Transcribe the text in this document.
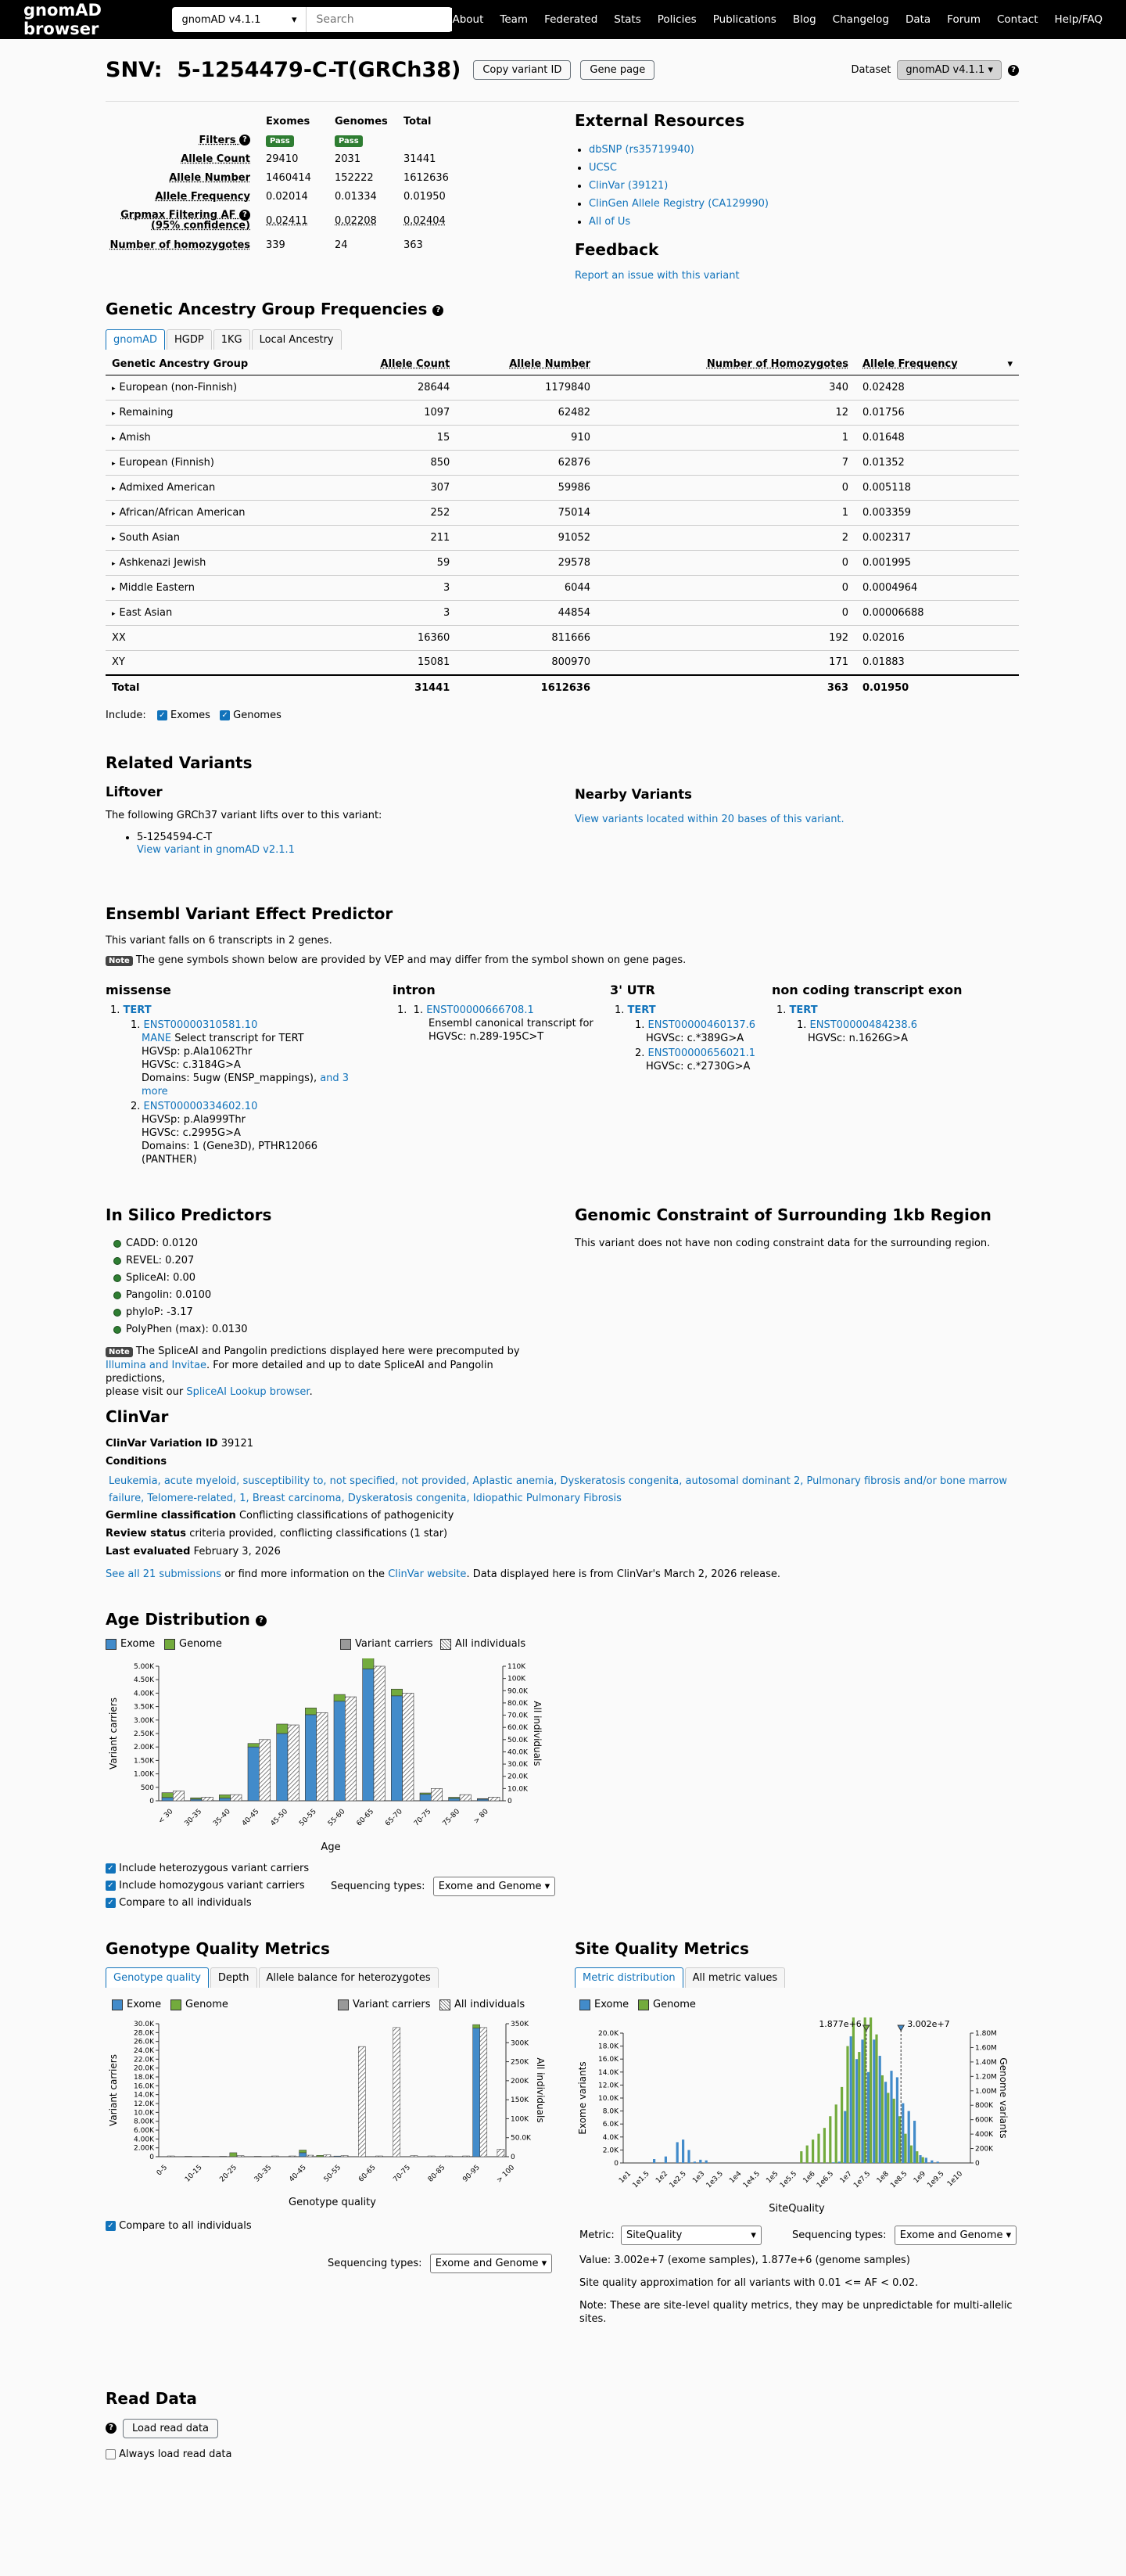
gnomAD browser	gnomAD v4.1.1	▾
Search	About Team Federated Stats Policies Publications Blog Changelog Data Forum Contact Help/FAQ
SNV:  5-1254479-C-T(GRCh38)	Copy variant ID	Gene page	Dataset	gnomAD v4.1.1 ▾	?
	Exomes	Genomes	Total
Filters ?	Pass	Pass	
Allele Count	29410	2031	31441
Allele Number	1460414	152222	1612636
Allele Frequency	0.02014	0.01334	0.01950
Grpmax Filtering AF ?
(95% confidence)	0.02411	0.02208	0.02404
Number of homozygotes	339	24	363
External Resources
• dbSNP (rs35719940)
• UCSC
• ClinVar (39121)
• ClinGen Allele Registry (CA129990)
• All of Us
Feedback
Report an issue with this variant
Genetic Ancestry Group Frequencies ?
gnomAD	HGDP	1KG	Local Ancestry
Genetic Ancestry Group	Allele Count	Allele Number	Number of Homozygotes	Allele Frequency ▾

▸ European (non-Finnish)	28644	1179840	340	0.02428
▸ Remaining	1097	62482	12	0.01756
▸ Amish	15	910	1	0.01648
▸ European (Finnish)	850	62876	7	0.01352
▸ Admixed American	307	59986	0	0.005118
▸ African/African American	252	75014	1	0.003359
▸ South Asian	211	91052	2	0.002317
▸ Ashkenazi Jewish	59	29578	0	0.001995
▸ Middle Eastern	3	6044	0	0.0004964
▸ East Asian	3	44854	0	0.00006688
XX	16360	811666	192	0.02016
XY	15081	800970	171	0.01883
Total	31441	1612636	363	0.01950
Include: ✓ Exomes ✓ Genomes
Related Variants
Liftover

The following GRCh37 variant lifts over to this variant:

• 5-1254594-C-T
View variant in gnomAD v2.1.1
Nearby Variants
View variants located within 20 bases of this variant.
Ensembl Variant Effect Predictor

This variant falls on 6 transcripts in 2 genes.

Note The gene symbols shown below are provided by VEP and may differ from the symbol shown on gene pages.

missense
1. TERT
1. ENST00000310581.10
MANE Select transcript for TERT
HGVSp: p.Ala1062Thr
HGVSc: c.3184G>A
Domains: 5ugw (ENSP_mappings), and 3 more
2. ENST00000334602.10
HGVSp: p.Ala999Thr
HGVSc: c.2995G>A
Domains: 1 (Gene3D), PTHR12066 (PANTHER)
intron
1.  1. ENST00000666708.1
Ensembl canonical transcript for
HGVSc: n.289-195C>T
3' UTR
1. TERT
1. ENST00000460137.6
HGVSc: c.*389G>A
2. ENST00000656021.1
HGVSc: c.*2730G>A
non coding transcript exon
1. TERT
1. ENST00000484238.6
HGVSc: n.1626G>A
In Silico Predictors
CADD: 0.0120
REVEL: 0.207
SpliceAI: 0.00
Pangolin: 0.0100
phyloP: -3.17
PolyPhen (max): 0.0130

Note The SpliceAI and Pangolin predictions displayed here were precomputed by
Illumina and Invitae. For more detailed and up to date SpliceAI and Pangolin predictions,
please visit our SpliceAI Lookup browser.

Genomic Constraint of Surrounding 1kb Region

This variant does not have non coding constraint data for the surrounding region.

ClinVar

ClinVar Variation ID 39121

Conditions

Leukemia, acute myeloid, susceptibility to, not specified, not provided, Aplastic anemia, Dyskeratosis congenita, autosomal dominant 2, Pulmonary fibrosis and/or bone marrow
failure, Telomere-related, 1, Breast carcinoma, Dyskeratosis congenita, Idiopathic Pulmonary Fibrosis

Germline classification Conflicting classifications of pathogenicity

Review status criteria provided, conflicting classifications (1 star)

Last evaluated February 3, 2026

See all 21 submissions or find more information on the ClinVar website. Data displayed here is from ClinVar's March 2, 2026 release.

Age Distribution ?
Exome	Genome	Variant carriers	All individuals
0
500
1.00K
1.50K
2.00K
2.50K
3.00K
3.50K
4.00K
4.50K
5.00K
0
10.0K
20.0K
30.0K
40.0K
50.0K
60.0K
70.0K
80.0K
90.0K
100K
110K
Variant carriers	All individuals
Age
< 30 30-35 35-40 40-45 45-50 50-55 55-60 60-65 65-70 70-75 75-80 > 80
✓ Include heterozygous variant carriers
✓ Include homozygous variant carriers
✓ Compare to all individuals
Sequencing types: Exome and Genome ▾
Genotype Quality Metrics
Genotype quality	Depth	Allele balance for heterozygotes
Exome	Genome	Variant carriers	All individuals
0
2.00K
4.00K
6.00K
8.00K
10.0K
12.0K
14.0K
16.0K
18.0K
20.0K
22.0K
24.0K
26.0K
28.0K
30.0K
0
50.0K
100K
150K
200K
250K
300K
350K
Variant carriers	All individuals
Genotype quality
0-5 10-15 20-25 30-35 40-45 50-55 60-65 70-75 80-85 90-95 > 100
✓ Compare to all individuals
Sequencing types: Exome and Genome ▾
Site Quality Metrics
Metric distribution	All metric values
Exome	Genome
0
2.0K
4.0K
6.0K
8.0K
10.0K
12.0K
14.0K
16.0K
18.0K
20.0K
0
200K
400K
600K
800K
1.00M
1.20M
1.40M
1.60M
1.80M
Exome variants	Genome variants
SiteQuality
1e1
1e1.5 1e2
1e2.5 1e3
1e3.5 1e4
1e4.5 1e5
1e5.5 1e6
1e6.5 1e7
1e7.5 1e8
1e8.5 1e9
1e9.5 1e10
1.877e+6	3.002e+7
Metric: SiteQuality	▾	Sequencing types: Exome and Genome ▾

Value: 3.002e+7 (exome samples), 1.877e+6 (genome samples)

Site quality approximation for all variants with 0.01 <= AF < 0.02.

Note: These are site-level quality metrics, they may be unpredictable for multi-allelic sites.

Read Data
? Load read data
Always load read data
